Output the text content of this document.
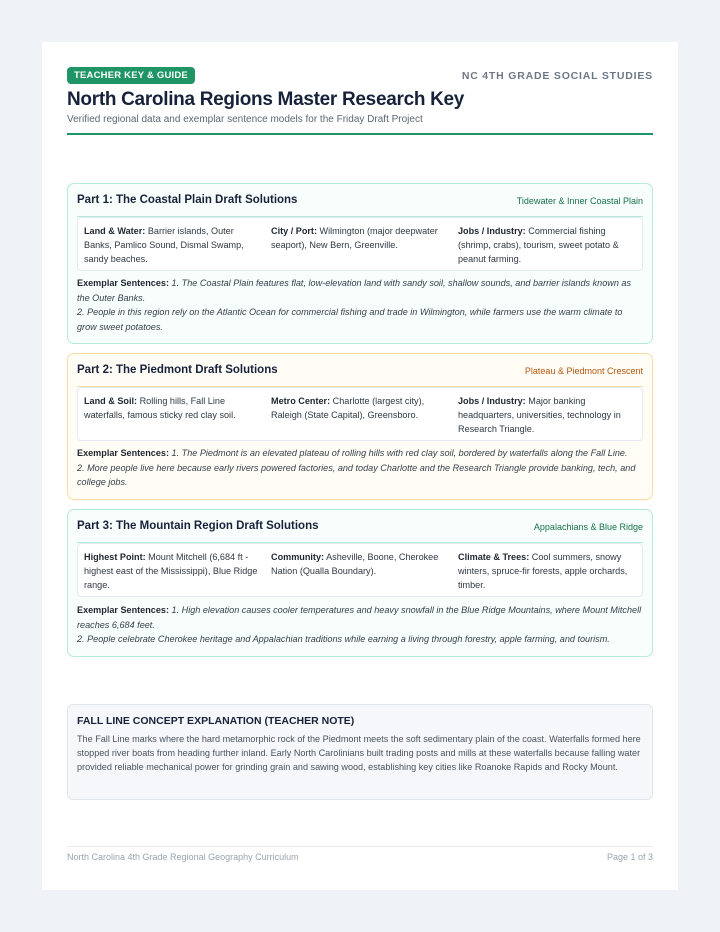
TEACHER KEY & GUIDE	NC 4TH GRADE SOCIAL STUDIES
North Carolina Regions Master Research Key
Verified regional data and exemplar sentence models for the Friday Draft Project
Part 1: The Coastal Plain Draft Solutions	Tidewater & Inner Coastal Plain
Land & Water: Barrier islands, Outer Banks, Pamlico Sound, Dismal Swamp, sandy beaches.
City / Port: Wilmington (major deepwater seaport), New Bern, Greenville.
Jobs / Industry: Commercial fishing (shrimp, crabs), tourism, sweet potato & peanut farming.
Exemplar Sentences: 1. The Coastal Plain features flat, low-elevation land with sandy soil, shallow sounds, and barrier islands known as the Outer Banks.
2. People in this region rely on the Atlantic Ocean for commercial fishing and trade in Wilmington, while farmers use the warm climate to grow sweet potatoes.
Part 2: The Piedmont Draft Solutions	Plateau & Piedmont Crescent
Land & Soil: Rolling hills, Fall Line waterfalls, famous sticky red clay soil.
Metro Center: Charlotte (largest city), Raleigh (State Capital), Greensboro.
Jobs / Industry: Major banking headquarters, universities, technology in Research Triangle.
Exemplar Sentences: 1. The Piedmont is an elevated plateau of rolling hills with red clay soil, bordered by waterfalls along the Fall Line.
2. More people live here because early rivers powered factories, and today Charlotte and the Research Triangle provide banking, tech, and college jobs.
Part 3: The Mountain Region Draft Solutions	Appalachians & Blue Ridge
Highest Point: Mount Mitchell (6,684 ft - highest east of the Mississippi), Blue Ridge range.
Community: Asheville, Boone, Cherokee Nation (Qualla Boundary).
Climate & Trees: Cool summers, snowy winters, spruce-fir forests, apple orchards, timber.
Exemplar Sentences: 1. High elevation causes cooler temperatures and heavy snowfall in the Blue Ridge Mountains, where Mount Mitchell reaches 6,684 feet.
2. People celebrate Cherokee heritage and Appalachian traditions while earning a living through forestry, apple farming, and tourism.
FALL LINE CONCEPT EXPLANATION (TEACHER NOTE)
The Fall Line marks where the hard metamorphic rock of the Piedmont meets the soft sedimentary plain of the coast. Waterfalls formed here stopped river boats from heading further inland. Early North Carolinians built trading posts and mills at these waterfalls because falling water provided reliable mechanical power for grinding grain and sawing wood, establishing key cities like Roanoke Rapids and Rocky Mount.
North Carolina 4th Grade Regional Geography Curriculum	Page 1 of 3
